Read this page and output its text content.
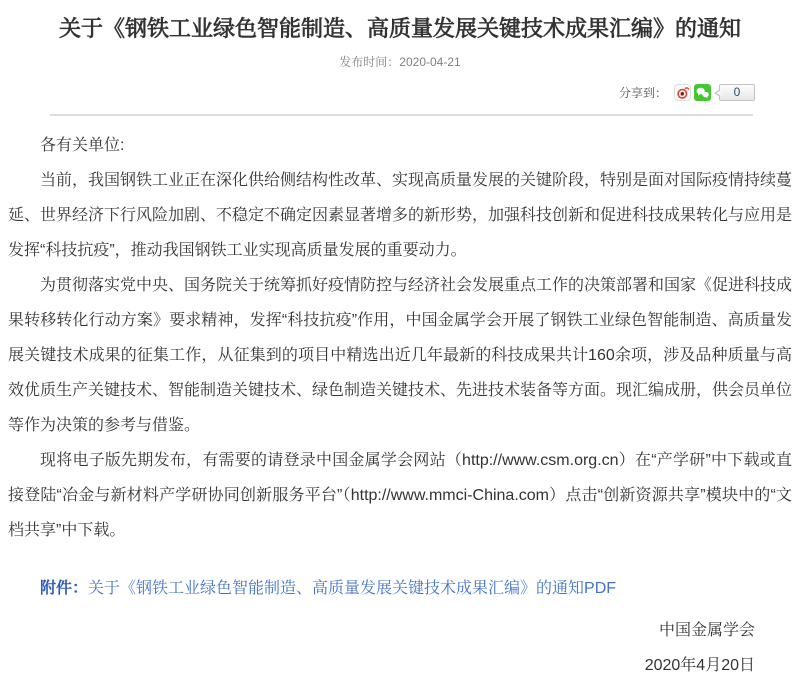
关于《钢铁工业绿色智能制造、高质量发展关键技术成果汇编》的通知
发布时间：2020-04-21
分享到：	0

各有关单位:

当前，我国钢铁工业正在深化供给侧结构性改革、实现高质量发展的关键阶段，特别是面对国际疫情持续蔓延、世界经济下行风险加剧、不稳定不确定因素显著增多的新形势，加强科技创新和促进科技成果转化与应用是发挥“科技抗疫”，推动我国钢铁工业实现高质量发展的重要动力。

为贯彻落实党中央、国务院关于统筹抓好疫情防控与经济社会发展重点工作的决策部署和国家《促进科技成果转移转化行动方案》要求精神，发挥“科技抗疫”作用，中国金属学会开展了钢铁工业绿色智能制造、高质量发展关键技术成果的征集工作，从征集到的项目中精选出近几年最新的科技成果共计160余项，涉及品种质量与高效优质生产关键技术、智能制造关键技术、绿色制造关键技术、先进技术装备等方面。现汇编成册，供会员单位等作为决策的参考与借鉴。

现将电子版先期发布，有需要的请登录中国金属学会网站（http://www.csm.org.cn）在“产学研”中下载或直接登陆“冶金与新材料产学研协同创新服务平台”（http://www.mmci-China.com）点击“创新资源共享”模块中的“文档共享”中下载。

附件：关于《钢铁工业绿色智能制造、高质量发展关键技术成果汇编》的通知PDF
中国金属学会
2020年4月20日
